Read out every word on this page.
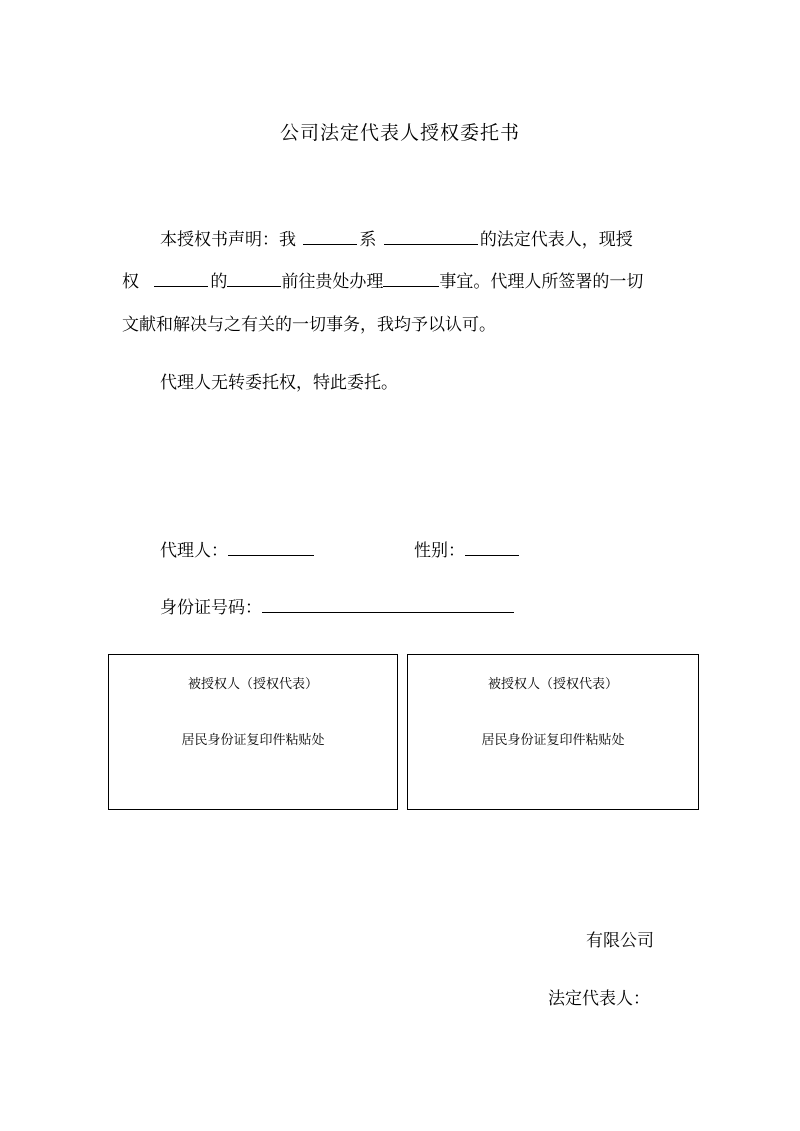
公司法定代表人授权委托书
本授权书声明：我	系	的法定代表人，现授
权	的	前往贵处办理	事宜。代理人所签署的一切
文献和解决与之有关的一切事务，我均予以认可。
代理人无转委托权，特此委托。
代理人：	性别：
身份证号码：
被授权人（授权代表）
居民身份证复印件粘贴处
被授权人（授权代表）
居民身份证复印件粘贴处
有限公司
法定代表人：
